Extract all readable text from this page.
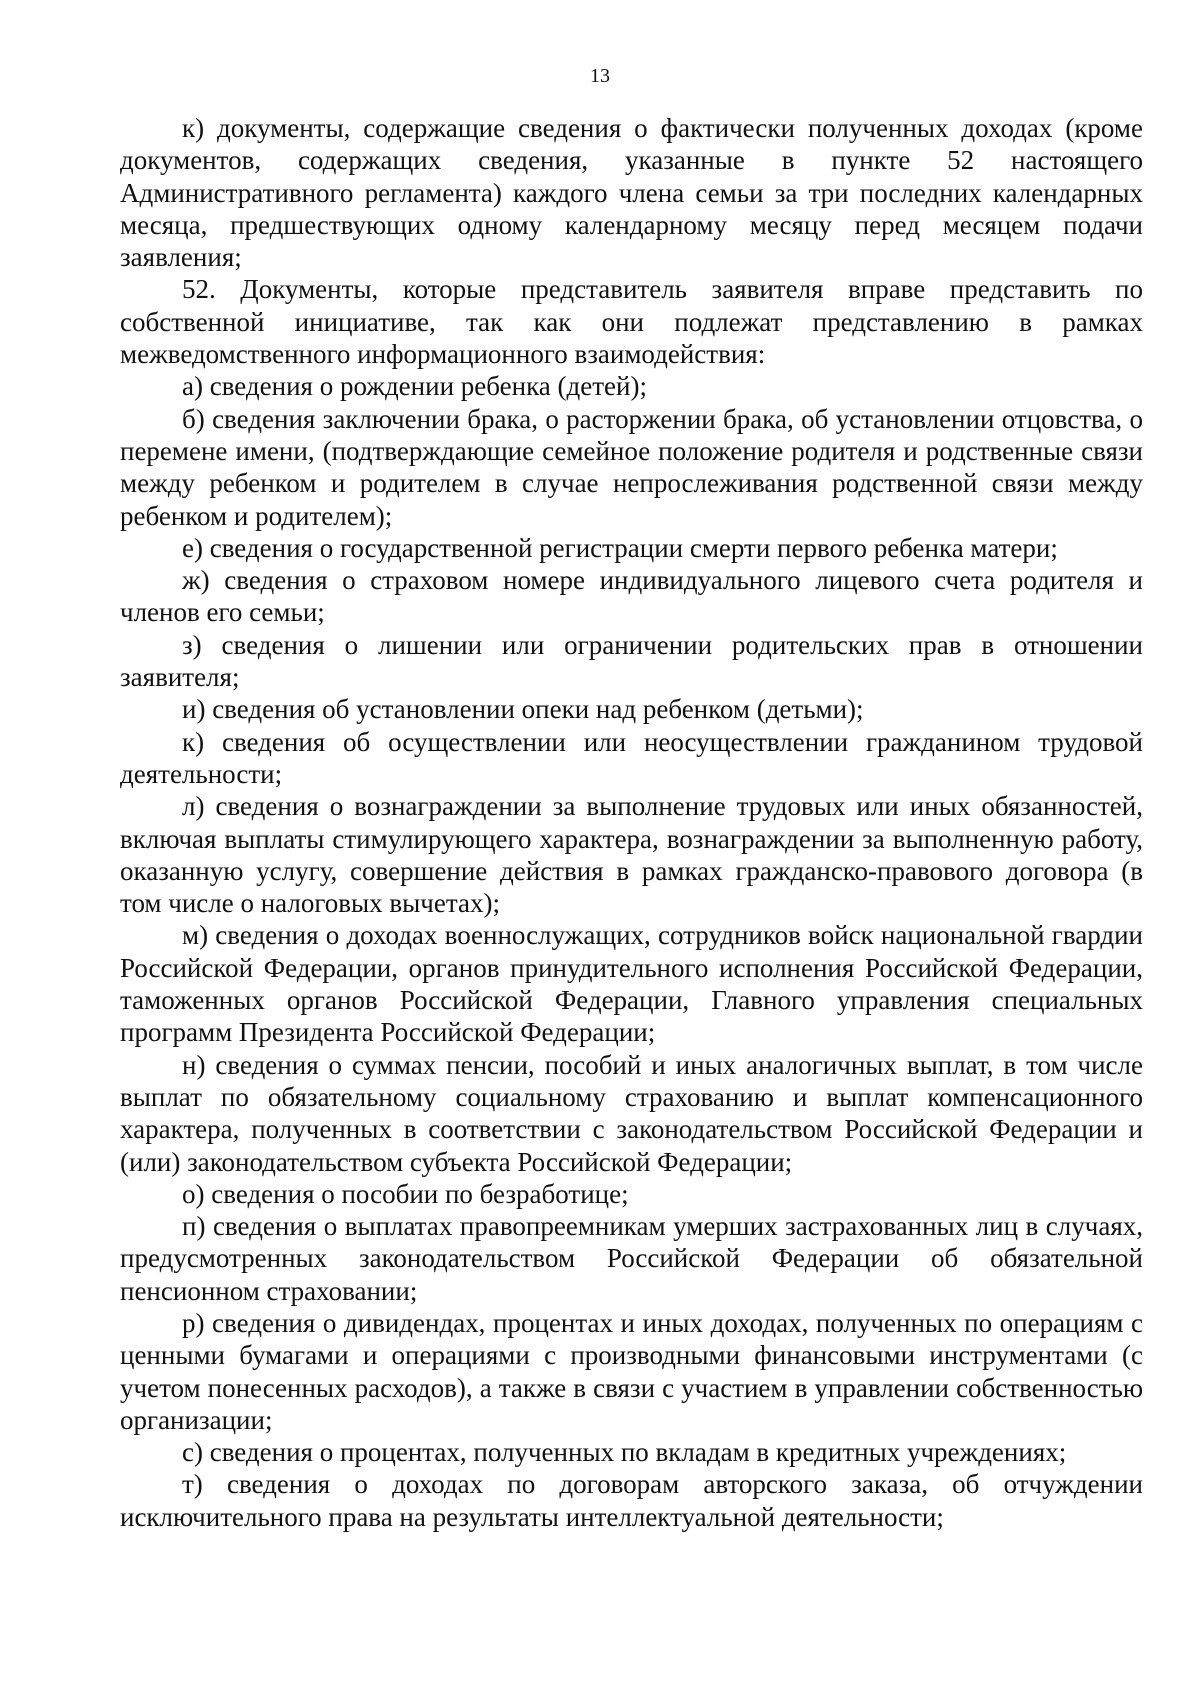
13

к) документы, содержащие сведения о фактически полученных доходах (кроме документов, содержащих сведения, указанные в пункте 52 настоящего Административного регламента) каждого члена семьи за три последних календарных месяца, предшествующих одному календарному месяцу перед месяцем подачи заявления;

52. Документы, которые представитель заявителя вправе представить по собственной инициативе, так как они подлежат представлению в рамках межведомственного информационного взаимодействия:

а) сведения о рождении ребенка (детей);

б) сведения заключении брака, о расторжении брака, об установлении отцовства, о перемене имени, (подтверждающие семейное положение родителя и родственные связи между ребенком и родителем в случае непрослеживания родственной связи между ребенком и родителем);

е) сведения о государственной регистрации смерти первого ребенка матери;

ж) сведения о страховом номере индивидуального лицевого счета родителя и членов его семьи;

з) сведения о лишении или ограничении родительских прав в отношении заявителя;

и) сведения об установлении опеки над ребенком (детьми);

к) сведения об осуществлении или неосуществлении гражданином трудовой деятельности;

л) сведения о вознаграждении за выполнение трудовых или иных обязанностей, включая выплаты стимулирующего характера, вознаграждении за выполненную работу, оказанную услугу, совершение действия в рамках гражданско-правового договора (в том числе о налоговых вычетах);

м) сведения о доходах военнослужащих, сотрудников войск национальной гвардии Российской Федерации, органов принудительного исполнения Российской Федерации, таможенных органов Российской Федерации, Главного управления специальных программ Президента Российской Федерации;

н) сведения о суммах пенсии, пособий и иных аналогичных выплат, в том числе выплат по обязательному социальному страхованию и выплат компенсационного характера, полученных в соответствии с законодательством Российской Федерации и (или) законодательством субъекта Российской Федерации;

о) сведения о пособии по безработице;

п) сведения о выплатах правопреемникам умерших застрахованных лиц в случаях, предусмотренных законодательством Российской Федерации об обязательной пенсионном страховании;

р) сведения о дивидендах, процентах и иных доходах, полученных по операциям с ценными бумагами и операциями с производными финансовыми инструментами (с учетом понесенных расходов), а также в связи с участием в управлении собственностью организации;

с) сведения о процентах, полученных по вкладам в кредитных учреждениях;

т) сведения о доходах по договорам авторского заказа, об отчуждении исключительного права на результаты интеллектуальной деятельности;
